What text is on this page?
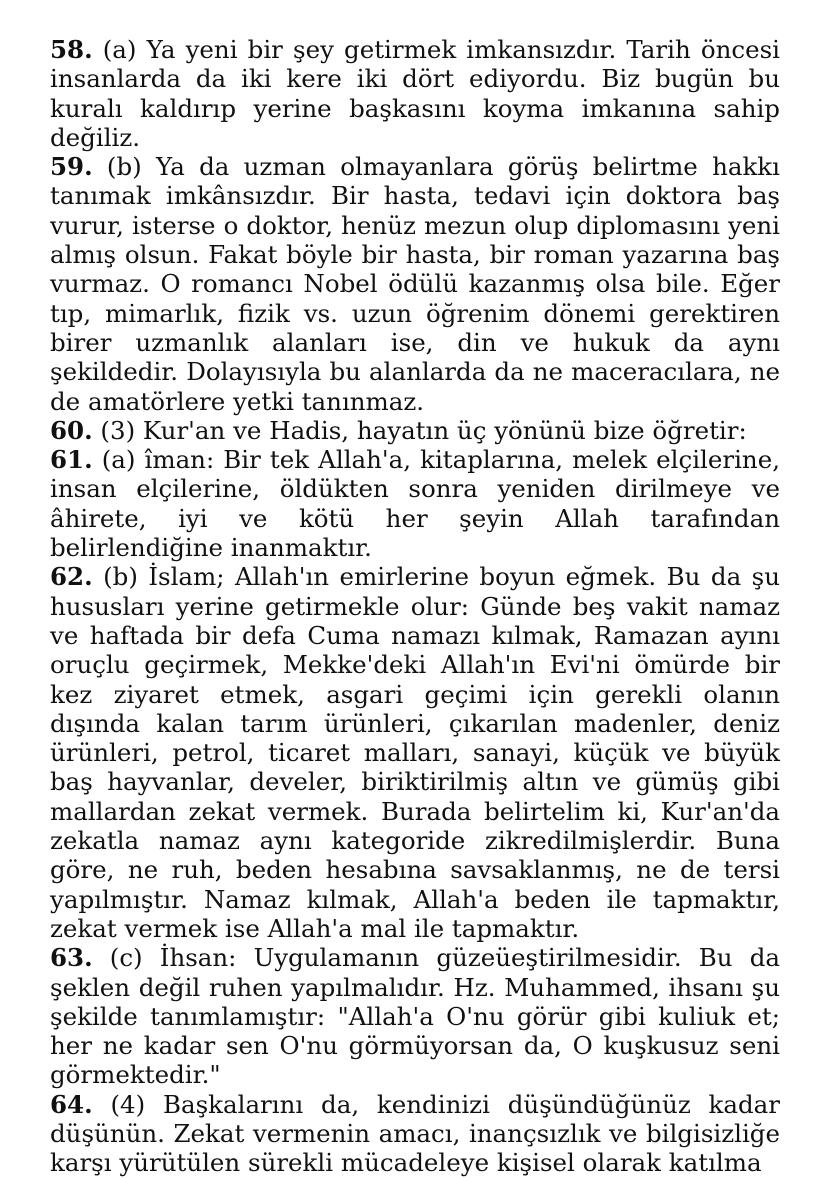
58. (a) Ya yeni bir şey getirmek imkansızdır. Tarih öncesi insanlarda da iki kere iki dört ediyordu. Biz bugün bu kuralı kaldırıp yerine başkasını koyma imkanına sahip değiliz.

59. (b) Ya da uzman olmayanlara görüş belirtme hakkı tanımak imkânsızdır. Bir hasta, tedavi için doktora baş vurur, isterse o doktor, henüz mezun olup diplomasını yeni almış olsun. Fakat böyle bir hasta, bir roman yazarına baş vurmaz. O romancı Nobel ödülü kazanmış olsa bile. Eğer tıp, mimarlık, fizik vs. uzun öğrenim dönemi gerektiren birer uzmanlık alanları ise, din ve hukuk da aynı şekildedir. Dolayısıyla bu alanlarda da ne maceracılara, ne de amatörlere yetki tanınmaz.

60. (3) Kur'an ve Hadis, hayatın üç yönünü bize öğretir:

61. (a) îman: Bir tek Allah'a, kitaplarına, melek elçilerine, insan elçilerine, öldükten sonra yeniden dirilmeye ve âhirete, iyi ve kötü her şeyin Allah tarafından belirlendiğine inanmaktır.

62. (b) İslam; Allah'ın emirlerine boyun eğmek. Bu da şu hususları yerine getirmekle olur: Günde beş vakit namaz ve haftada bir defa Cuma namazı kılmak, Ramazan ayını oruçlu geçirmek, Mekke'deki Allah'ın Evi'ni ömürde bir kez ziyaret etmek, asgari geçimi için gerekli olanın dışında kalan tarım ürünleri, çıkarılan madenler, deniz ürünleri, petrol, ticaret malları, sanayi, küçük ve büyük baş hayvanlar, develer, biriktirilmiş altın ve gümüş gibi mallardan zekat vermek. Burada belirtelim ki, Kur'an'da zekatla namaz aynı kategoride zikredilmişlerdir. Buna göre, ne ruh, beden hesabına savsaklanmış, ne de tersi yapılmıştır. Namaz kılmak, Allah'a beden ile tapmaktır, zekat vermek ise Allah'a mal ile tapmaktır.

63. (c) İhsan: Uygulamanın güzeüeştirilmesidir. Bu da şeklen değil ruhen yapılmalıdır. Hz. Muhammed, ihsanı şu şekilde tanımlamıştır: "Allah'a O'nu görür gibi kuliuk et; her ne kadar sen O'nu görmüyorsan da, O kuşkusuz seni görmektedir."

64. (4) Başkalarını da, kendinizi düşündüğünüz kadar düşünün. Zekat vermenin amacı, inançsızlık ve bilgisizliğe karşı yürütülen sürekli mücadeleye kişisel olarak katılma
